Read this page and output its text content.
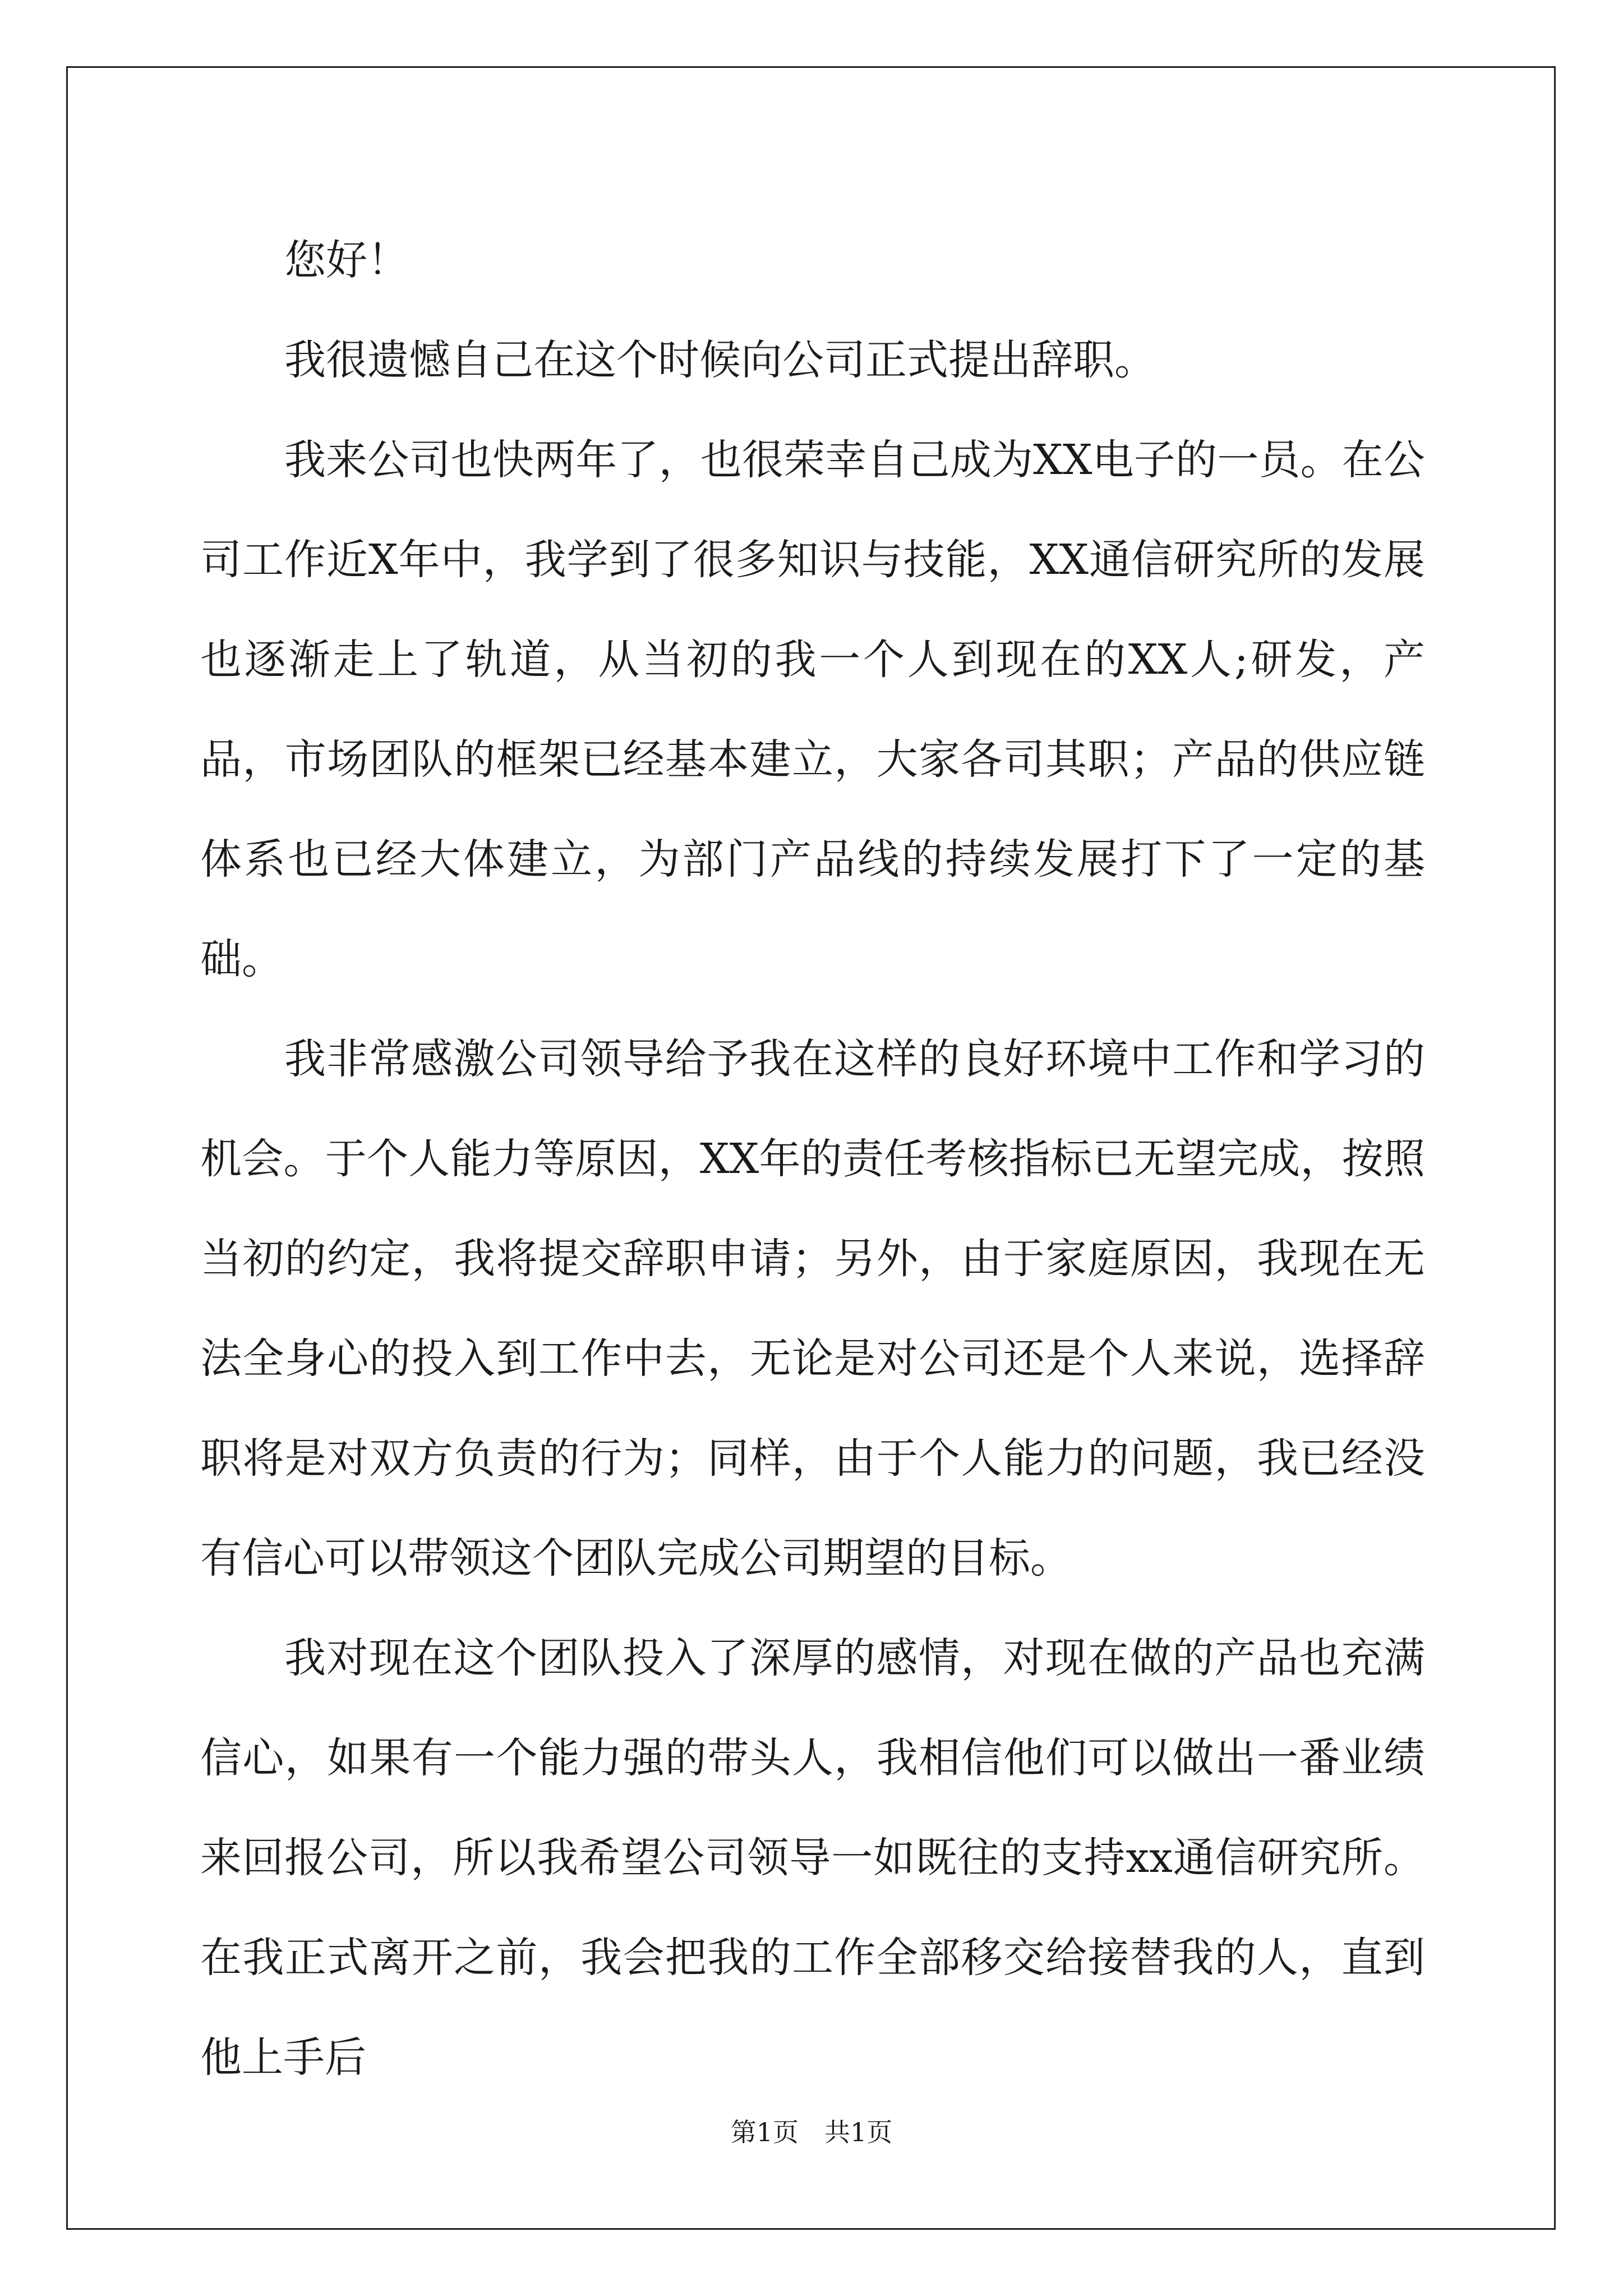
您好！

我很遗憾自己在这个时候向公司正式提出辞职。

我来公司也快两年了，也很荣幸自己成为XX电子的一员。在公司工作近X年中，我学到了很多知识与技能，XX通信研究所的发展也逐渐走上了轨道，从当初的我一个人到现在的XX人;研发，产品，市场团队的框架已经基本建立，大家各司其职；产品的供应链体系也已经大体建立，为部门产品线的持续发展打下了一定的基础。

我非常感激公司领导给予我在这样的良好环境中工作和学习的机会。于个人能力等原因，XX年的责任考核指标已无望完成，按照当初的约定，我将提交辞职申请；另外，由于家庭原因，我现在无法全身心的投入到工作中去，无论是对公司还是个人来说，选择辞职将是对双方负责的行为；同样，由于个人能力的问题，我已经没有信心可以带领这个团队完成公司期望的目标。

我对现在这个团队投入了深厚的感情，对现在做的产品也充满信心，如果有一个能力强的带头人，我相信他们可以做出一番业绩来回报公司，所以我希望公司领导一如既往的支持xx通信研究所。在我正式离开之前，我会把我的工作全部移交给接替我的人，直到他上手后

第1页　共1页
